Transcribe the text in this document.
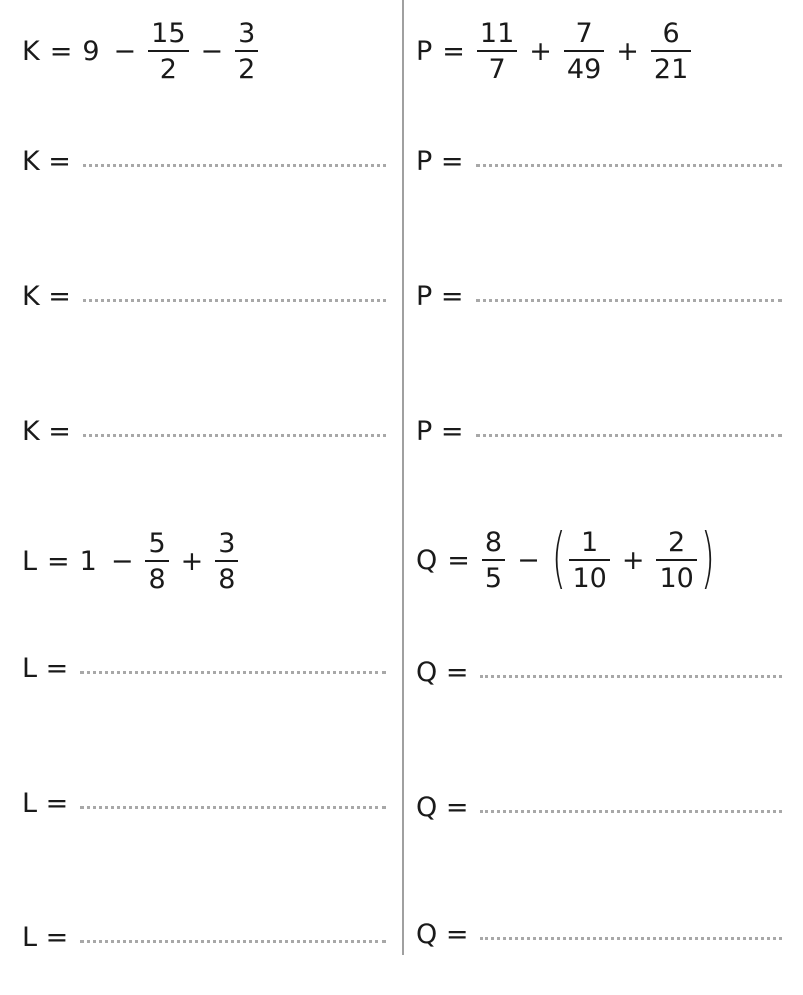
$K = 9 - \frac{15}{2} - \frac{3}{2}$	$P = \frac{11}{7} + \frac{7}{49} + \frac{6}{21}$
K =
K =
K =
P =
P =
P =
$L = 1 - \frac{5}{8} + \frac{3}{8}$	$Q = \frac{8}{5}$ − ( $\frac{1}{10} + \frac{2}{10}$ )
L =
L =
L =
Q =
Q =
Q =
